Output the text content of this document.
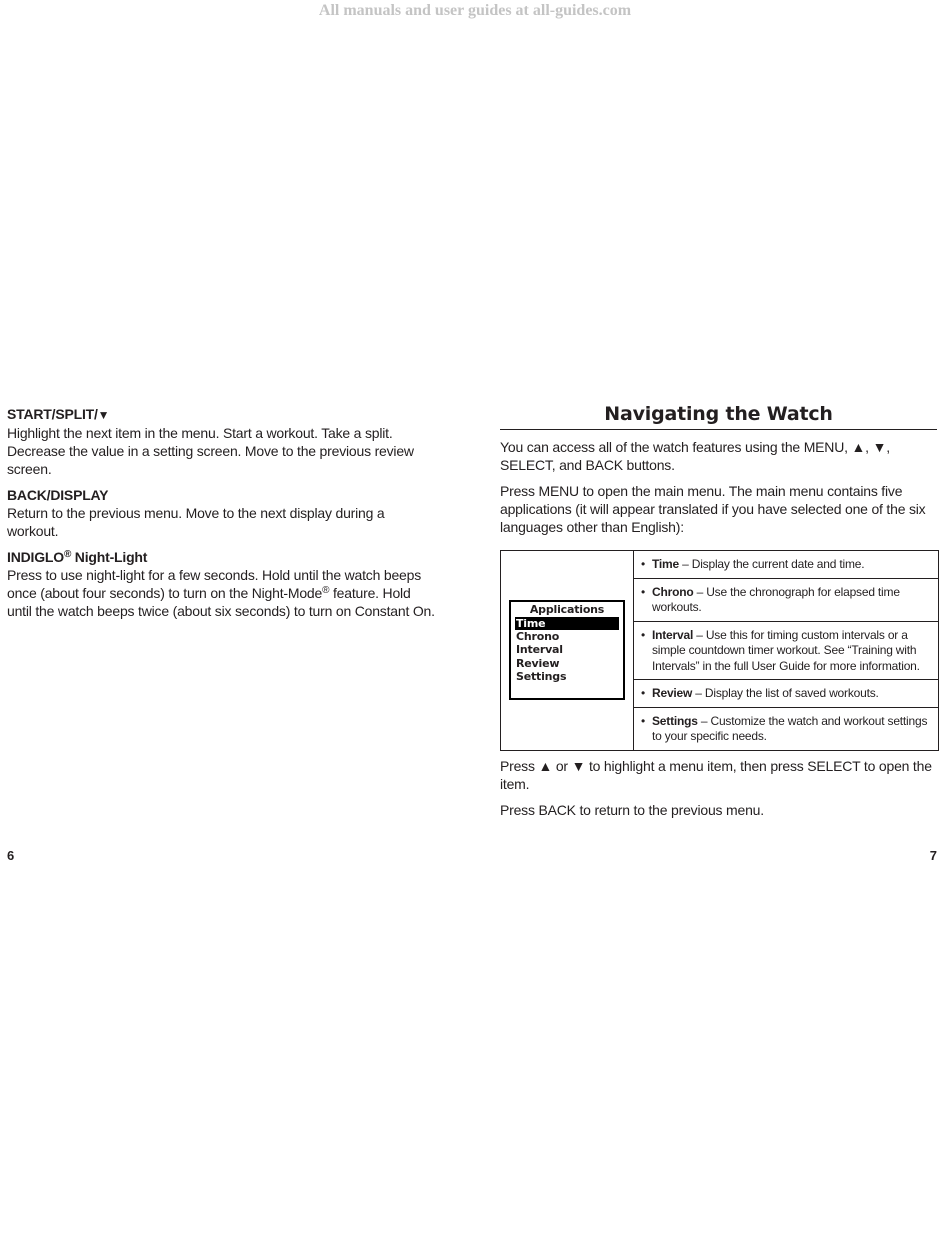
All manuals and user guides at all-guides.com
START/SPLIT/▼
Highlight the next item in the menu. Start a workout. Take a split. Decrease the value in a setting screen. Move to the previous review screen.
BACK/DISPLAY
Return to the previous menu. Move to the next display during a workout.
INDIGLO® Night-Light
Press to use night-light for a few seconds. Hold until the watch beeps once (about four seconds) to turn on the Night-Mode® feature. Hold until the watch beeps twice (about six seconds) to turn on Constant On.
Navigating the Watch
You can access all of the watch features using the MENU, ▲, ▼, SELECT, and BACK buttons.
Press MENU to open the main menu. The main menu contains five applications (it will appear translated if you have selected one of the six languages other than English):
Applications
Time
Chrono
Interval
Review
Settings
• Time – Display the current date and time.
• Chrono – Use the chronograph for elapsed time workouts.
• Interval – Use this for timing custom intervals or a simple countdown timer workout. See “Training with Intervals” in the full User Guide for more information.
• Review – Display the list of saved workouts.
• Settings – Customize the watch and workout settings to your specific needs.
Press ▲ or ▼ to highlight a menu item, then press SELECT to open the item.
Press BACK to return to the previous menu.
6	7
